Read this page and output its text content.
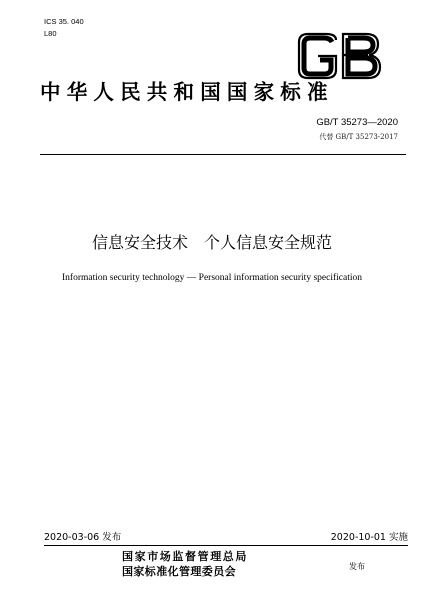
ICS 35. 040
L80
中华人民共和国国家标准
GB/T 35273—2020
代替 GB/T 35273-2017
信息安全技术　个人信息安全规范
Information security technology — Personal information security specification
2020-03-06 发布	2020-10-01 实施
国家市场监督管理总局
国家标准化管理委员会	发布
